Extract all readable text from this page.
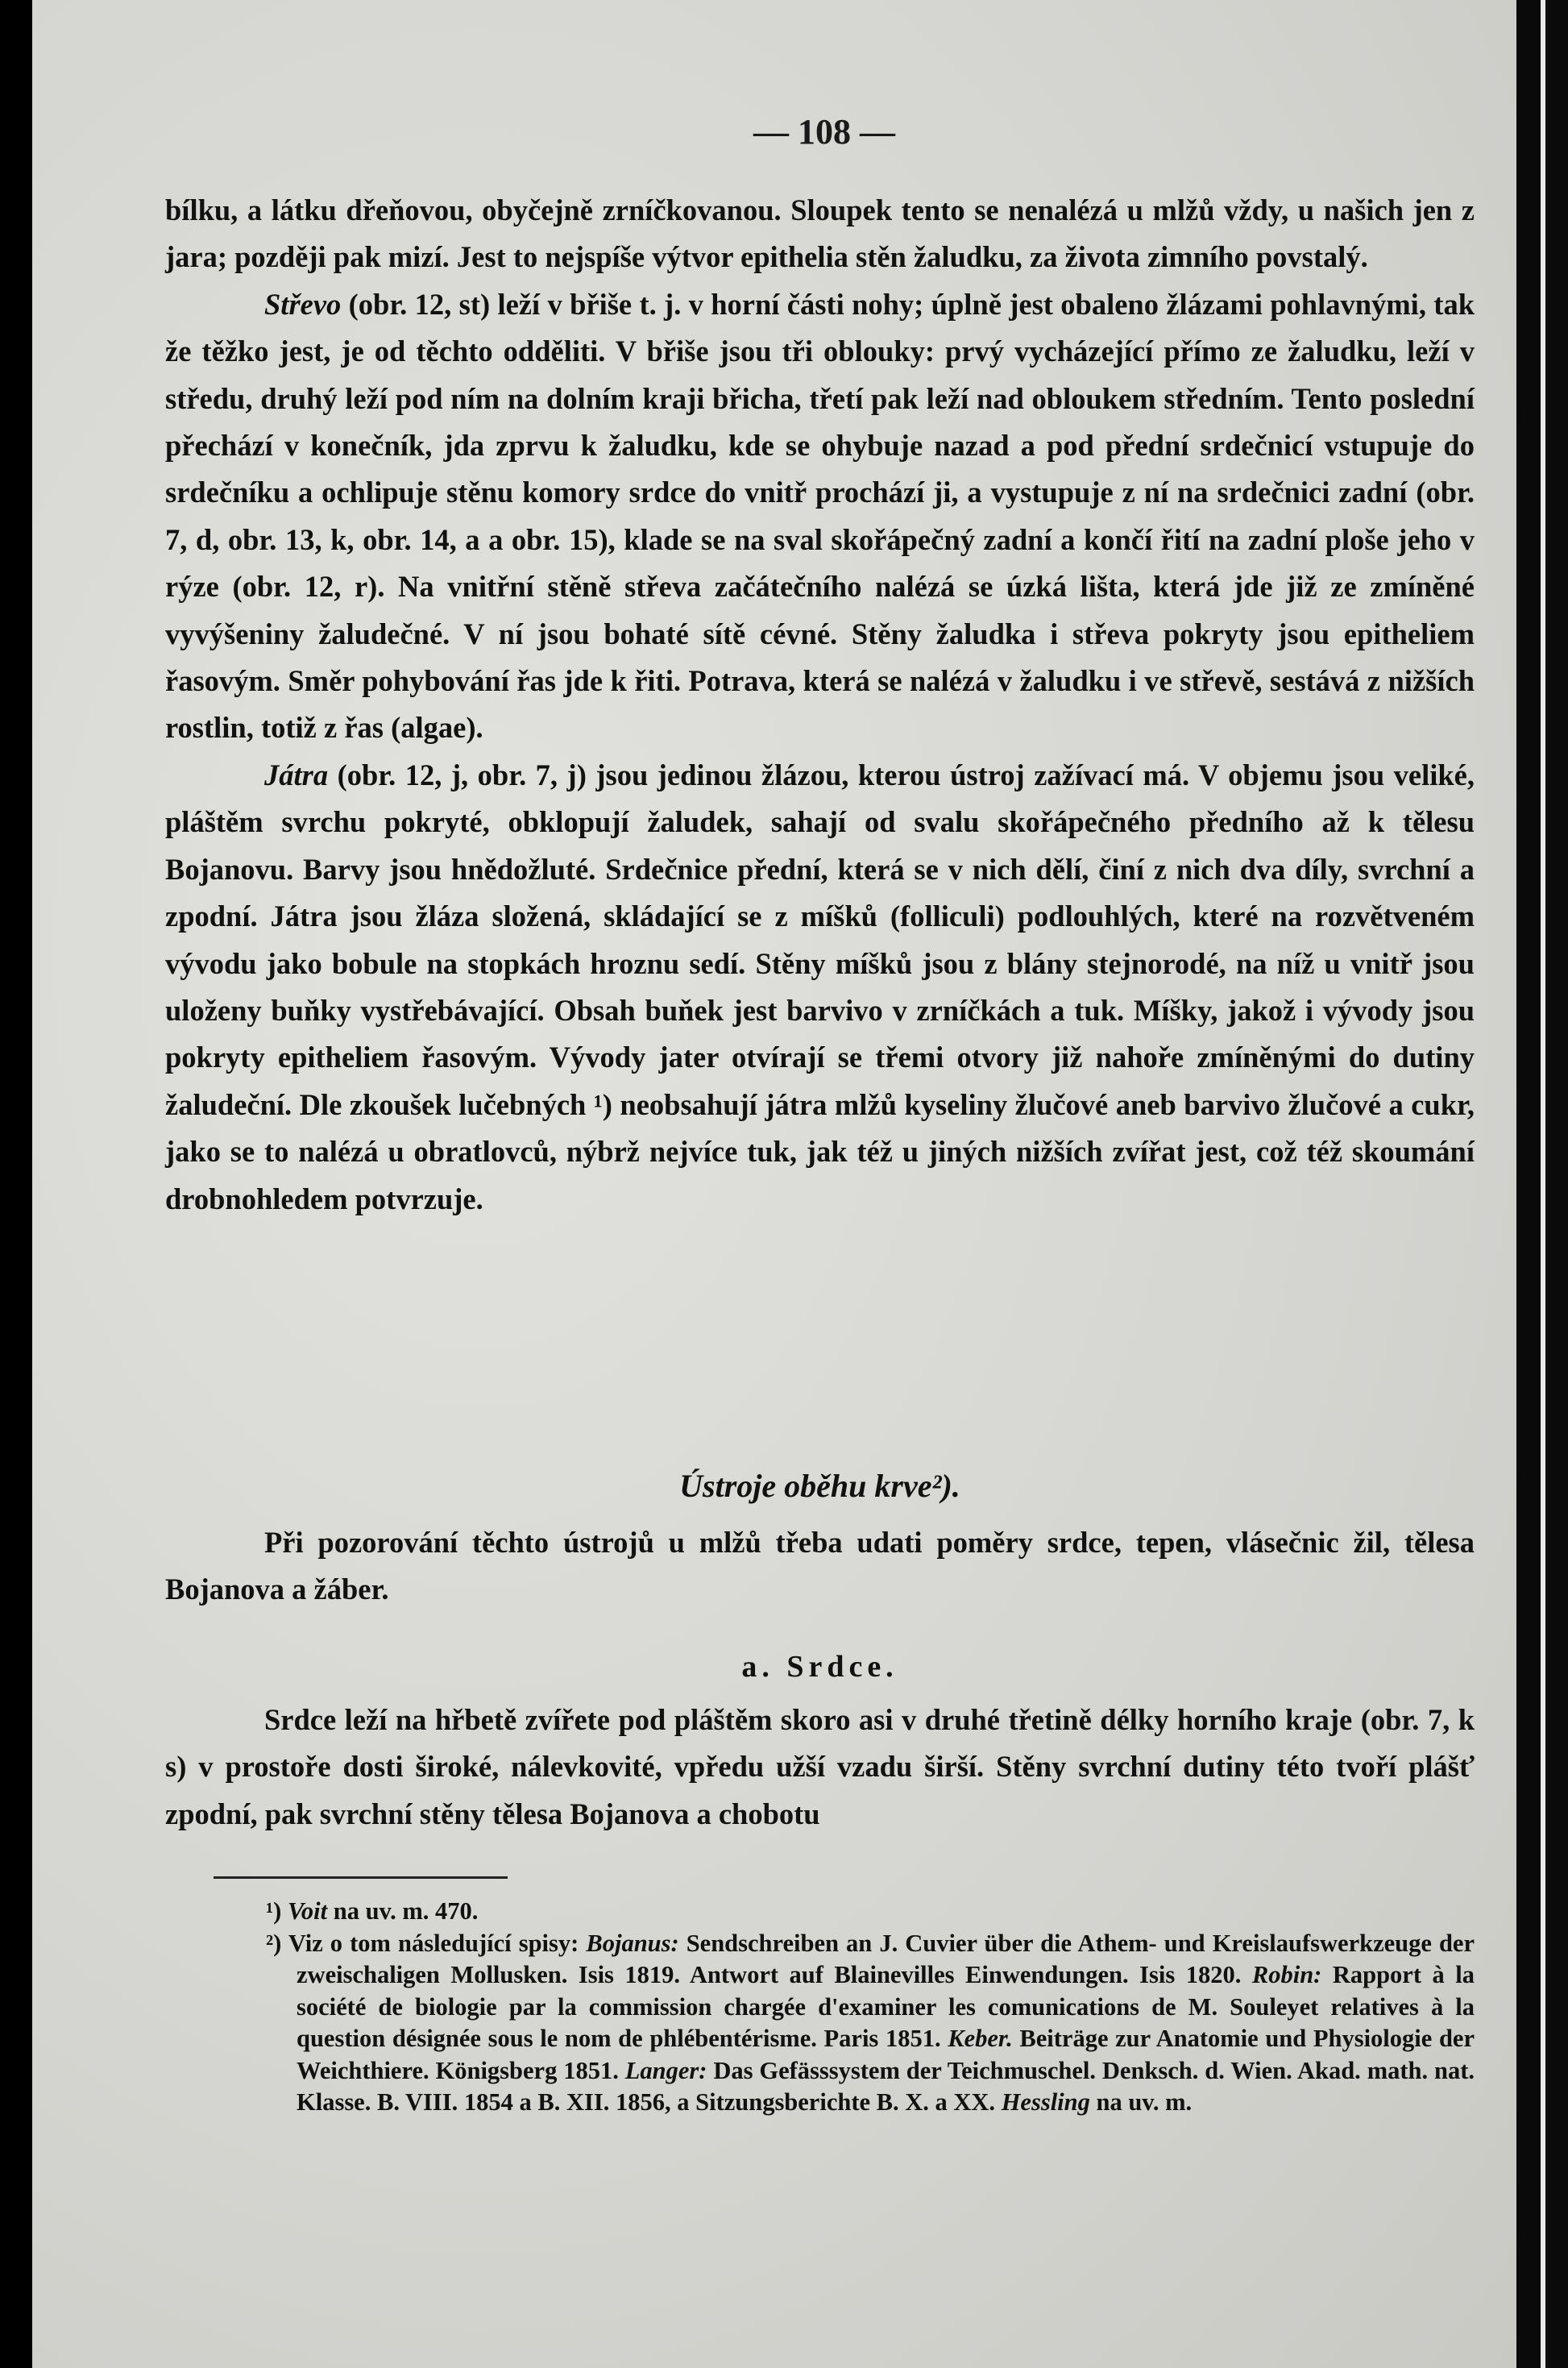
— 108 —

bílku, a látku dřeňovou, obyčejně zrníčkovanou. Sloupek tento se nenalézá u mlžů vždy, u našich jen z jara; později pak mizí. Jest to nejspíše výtvor epithelia stěn žaludku, za života zimního povstalý.

Střevo (obr. 12, st) leží v břiše t. j. v horní části nohy; úplně jest obaleno žlázami pohlavnými, tak že těžko jest, je od těchto odděliti. V břiše jsou tři oblouky: prvý vycházející přímo ze žaludku, leží v středu, druhý leží pod ním na dolním kraji břicha, třetí pak leží nad obloukem středním. Tento poslední přechází v konečník, jda zprvu k žaludku, kde se ohybuje nazad a pod přední srdečnicí vstupuje do srdečníku a ochlipuje stěnu komory srdce do vnitř prochází ji, a vystupuje z ní na srdečnici zadní (obr. 7, d, obr. 13, k, obr. 14, a a obr. 15), klade se na sval skořápečný zadní a končí řití na zadní ploše jeho v rýze (obr. 12, r). Na vnitřní stěně střeva začátečního nalézá se úzká lišta, která jde již ze zmíněné vyvýšeniny žaludečné. V ní jsou bohaté sítě cévné. Stěny žaludka i střeva pokryty jsou epitheliem řasovým. Směr pohybování řas jde k řiti. Potrava, která se nalézá v žaludku i ve střevě, sestává z nižších rostlin, totiž z řas (algae).

Játra (obr. 12, j, obr. 7, j) jsou jedinou žlázou, kterou ústroj zažívací má. V objemu jsou veliké, pláštěm svrchu pokryté, obklopují žaludek, sahají od svalu skořápečného předního až k tělesu Bojanovu. Barvy jsou hnědožluté. Srdečnice přední, která se v nich dělí, činí z nich dva díly, svrchní a zpodní. Játra jsou žláza složená, skládající se z míšků (folliculi) podlouhlých, které na rozvětveném vývodu jako bobule na stopkách hroznu sedí. Stěny míšků jsou z blány stejnorodé, na níž u vnitř jsou uloženy buňky vystřebávající. Obsah buňek jest barvivo v zrníčkách a tuk. Míšky, jakož i vývody jsou pokryty epitheliem řasovým. Vývody jater otvírají se třemi otvory již nahoře zmíněnými do dutiny žaludeční. Dle zkoušek lučebných ¹) neobsahují játra mlžů kyseliny žlučové aneb barvivo žlučové a cukr, jako se to nalézá u obratlovců, nýbrž nejvíce tuk, jak též u jiných nižších zvířat jest, což též skoumání drobnohledem potvrzuje.

Ústroje oběhu krve²).

Při pozorování těchto ústrojů u mlžů třeba udati poměry srdce, tepen, vlásečnic žil, tělesa Bojanova a žáber.

a. Srdce.

Srdce leží na hřbetě zvířete pod pláštěm skoro asi v druhé třetině délky horního kraje (obr. 7, k s) v prostoře dosti široké, nálevkovité, vpředu užší vzadu širší. Stěny svrchní dutiny této tvoří plášť zpodní, pak svrchní stěny tělesa Bojanova a chobotu

¹) Voit na uv. m. 470.

²) Viz o tom následující spisy: Bojanus: Sendschreiben an J. Cuvier über die Athem- und Kreislaufswerkzeuge der zweischaligen Mollusken. Isis 1819. Antwort auf Blainevilles Einwendungen. Isis 1820. Robin: Rapport à la société de biologie par la commission chargée d'examiner les comunications de M. Souleyet relatives à la question désignée sous le nom de phlébentérisme. Paris 1851. Keber. Beiträge zur Anatomie und Physiologie der Weichthiere. Königsberg 1851. Langer: Das Gefässsystem der Teichmuschel. Denksch. d. Wien. Akad. math. nat. Klasse. B. VIII. 1854 a B. XII. 1856, a Sitzungsberichte B. X. a XX. Hessling na uv. m.
